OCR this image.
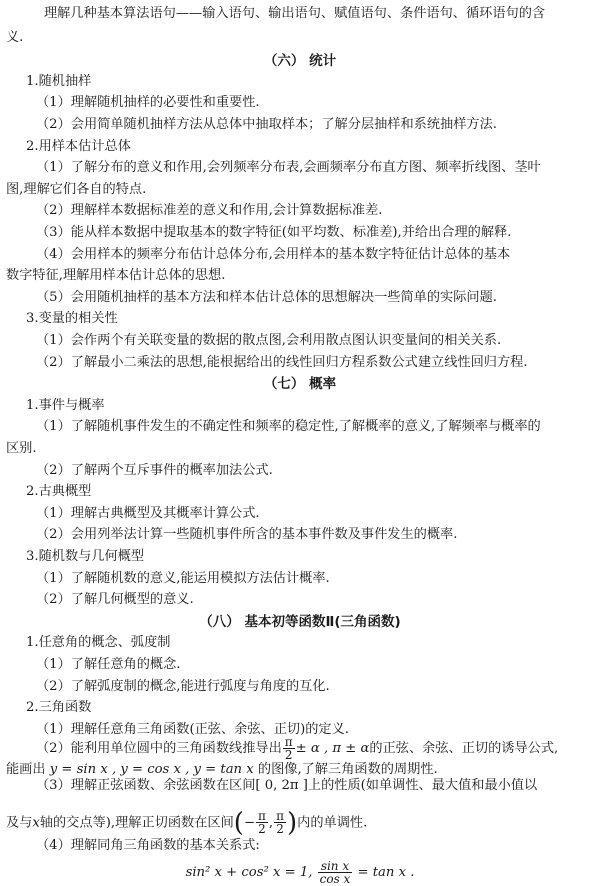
理解几种基本算法语句——输入语句、输出语句、赋值语句、条件语句、循环语句的含
义.
（六） 统计
1.随机抽样
（1）理解随机抽样的必要性和重要性.
（2）会用简单随机抽样方法从总体中抽取样本；了解分层抽样和系统抽样方法.
2.用样本估计总体
（1）了解分布的意义和作用,会列频率分布表,会画频率分布直方图、频率折线图、茎叶
图,理解它们各自的特点.
（2）理解样本数据标准差的意义和作用,会计算数据标准差.
（3）能从样本数据中提取基本的数字特征(如平均数、标准差),并给出合理的解释.
（4）会用样本的频率分布估计总体分布,会用样本的基本数字特征估计总体的基本
数字特征,理解用样本估计总体的思想.
（5）会用随机抽样的基本方法和样本估计总体的思想解决一些简单的实际问题.
3.变量的相关性
（1）会作两个有关联变量的数据的散点图,会利用散点图认识变量间的相关关系.
（2）了解最小二乘法的思想,能根据给出的线性回归方程系数公式建立线性回归方程.
（七） 概率
1.事件与概率
（1）了解随机事件发生的不确定性和频率的稳定性,了解概率的意义,了解频率与概率的
区别.
（2）了解两个互斥事件的概率加法公式.
2.古典概型
（1）理解古典概型及其概率计算公式.
（2）会用列举法计算一些随机事件所含的基本事件数及事件发生的概率.
3.随机数与几何概型
（1）了解随机数的意义,能运用模拟方法估计概率.
（2）了解几何概型的意义.
（八） 基本初等函数Ⅱ(三角函数)
1.任意角的概念、弧度制
（1）了解任意角的概念.
（2）了解弧度制的概念,能进行弧度与角度的互化.
2.三角函数
（1）理解任意角三角函数(正弦、余弦、正切)的定义.
（2）能利用单位圆中的三角函数线推导出 $\frac{\pi}{2} \pm \alpha$ , π ± α的正弦、余弦、正切的诱导公式,
能画出 y = sin x , y = cos x , y = tan x 的图像,了解三角函数的周期性.
（3）理解正弦函数、余弦函数在区间[ 0, 2π ]上的性质(如单调性、最大值和最小值以
及与x轴的交点等),理解正切函数在区间(− $\frac{\pi}{2}$ , $\frac{\pi}{2}$ )内的单调性.
（4）理解同角三角函数的基本关系式:
sin² x + cos² x = 1, $\frac{\text{sin x}}{\text{cos x}} = \tan x$ .
